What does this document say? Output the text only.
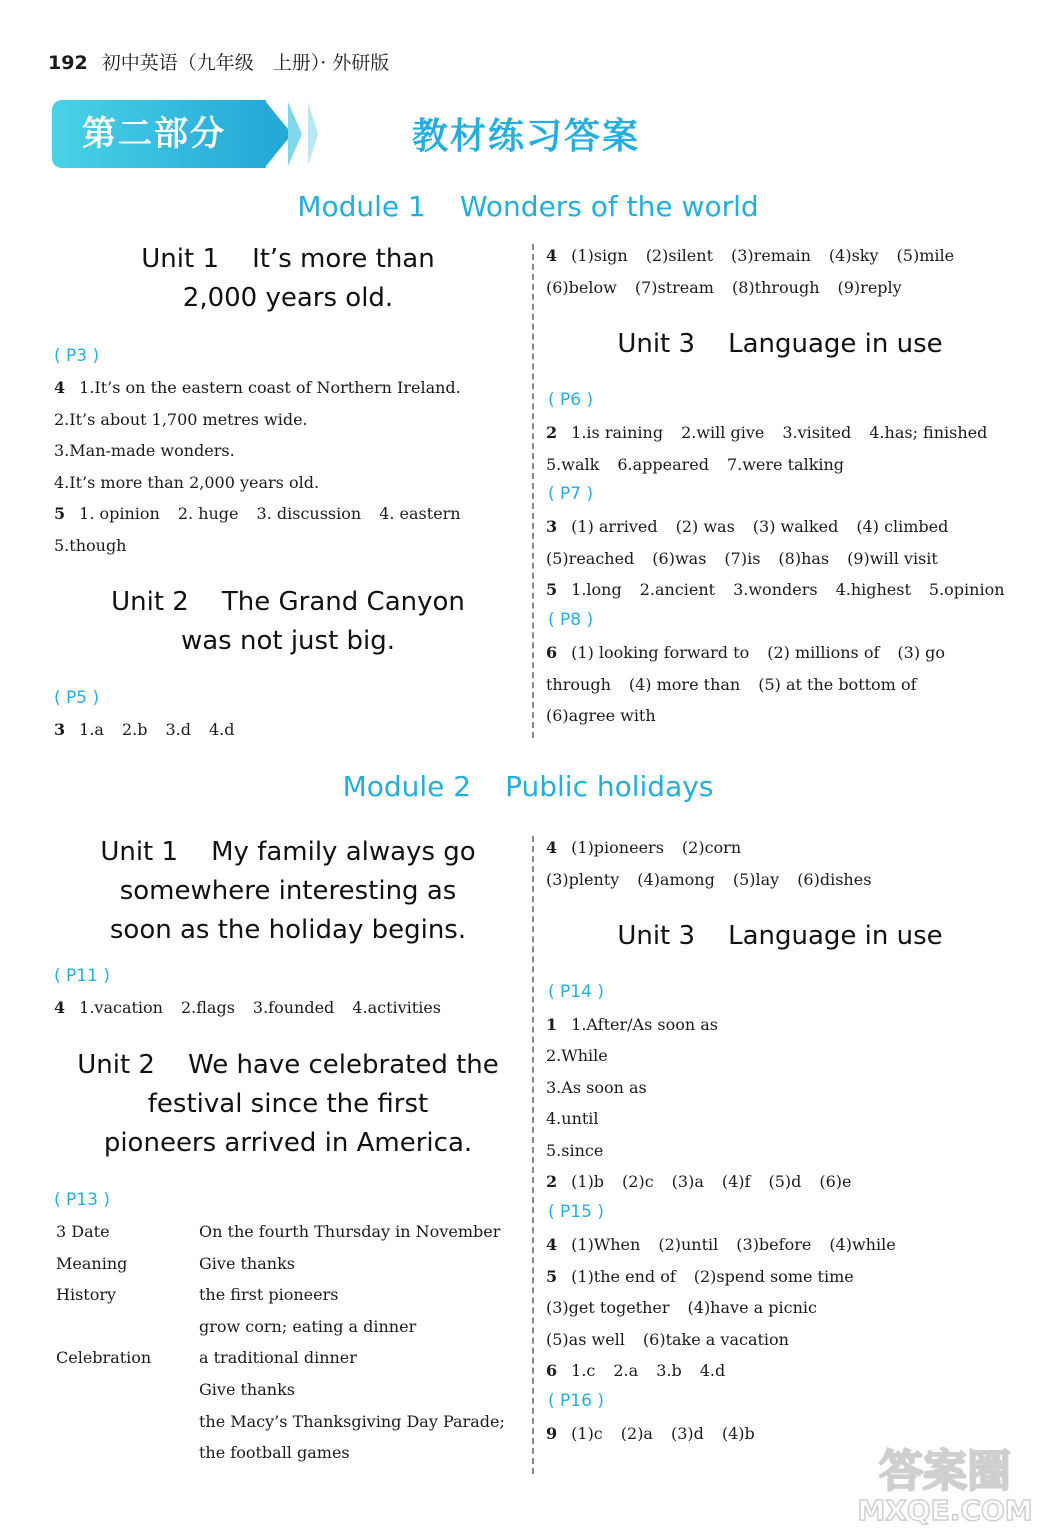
192 初中英语（九年级　上册）· 外研版
第二部分	教材练习答案
Module 1 Wonders of the world
Unit 1    It’s more than
2,000 years old.
( P3 )
4 1.It’s on the eastern coast of Northern Ireland.
2.It’s about 1,700 metres wide.
3.Man-made wonders.
4.It’s more than 2,000 years old.
5 1. opinion 2. huge 3. discussion 4. eastern
5.though
Unit 2    The Grand Canyon
was not just big.
( P5 )
3 1.a 2.b 3.d 4.d
4 (1)sign (2)silent (3)remain (4)sky (5)mile
(6)below (7)stream (8)through (9)reply
Unit 3    Language in use
( P6 )
2 1.is raining 2.will give 3.visited 4.has; finished
5.walk 6.appeared 7.were talking
( P7 )
3 (1) arrived (2) was (3) walked (4) climbed
(5)reached (6)was (7)is (8)has (9)will visit
5 1.long 2.ancient 3.wonders 4.highest 5.opinion
( P8 )
6 (1) looking forward to (2) millions of (3) go
through (4) more than (5) at the bottom of
(6)agree with
Module 2 Public holidays
Unit 1    My family always go
somewhere interesting as
soon as the holiday begins.
( P11 )
4 1.vacation 2.flags 3.founded 4.activities
Unit 2    We have celebrated the
festival since the first
pioneers arrived in America.
( P13 )
3 Date	On the fourth Thursday in November
Meaning	Give thanks
History	the first pioneers
grow corn; eating a dinner
Celebration	a traditional dinner
Give thanks
the Macy’s Thanksgiving Day Parade;
the football games
4 (1)pioneers (2)corn
(3)plenty (4)among (5)lay (6)dishes
Unit 3    Language in use
( P14 )
1 1.After/As soon as
2.While
3.As soon as
4.until
5.since
2 (1)b (2)c (3)a (4)f (5)d (6)e
( P15 )
4 (1)When (2)until (3)before (4)while
5 (1)the end of (2)spend some time
(3)get together (4)have a picnic
(5)as well (6)take a vacation
6 1.c 2.a 3.b 4.d
( P16 )
9 (1)c (2)a (3)d (4)b
答案圈
MXQE.COM
